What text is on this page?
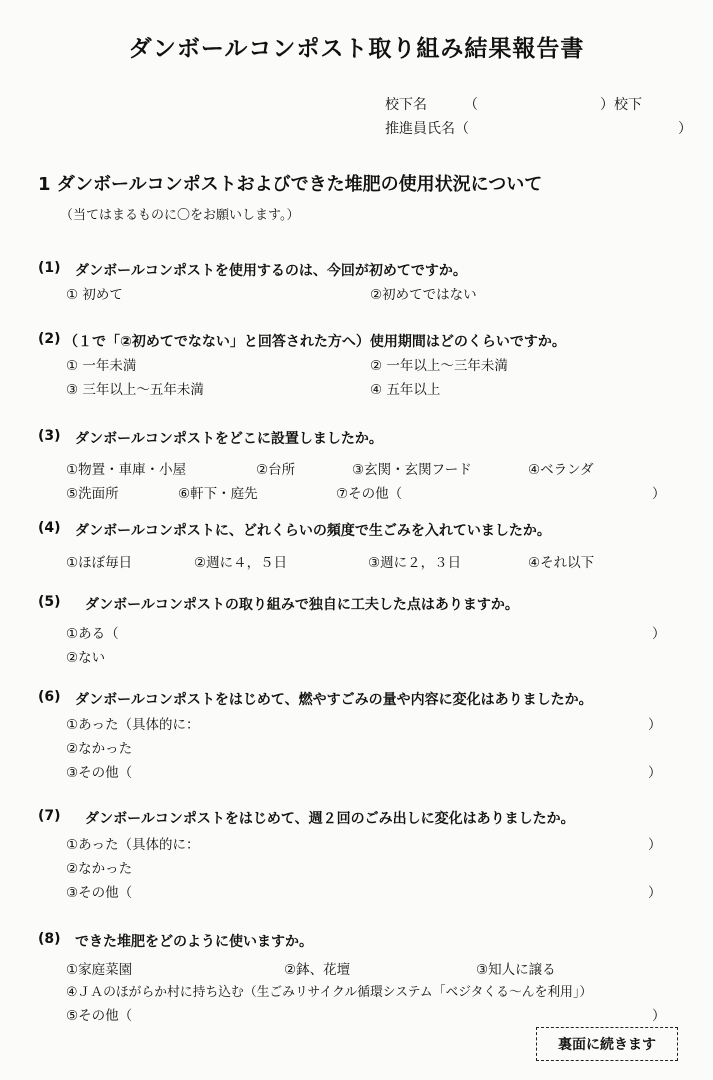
ダンボールコンポスト取り組み結果報告書
校下名	（	）校下
推進員氏名（	）
1 ダンボールコンポストおよびできた堆肥の使用状況について
（当てはまるものに〇をお願いします。）
(1) ダンボールコンポストを使用するのは、今回が初めてですか。
① 初めて	②初めてではない
(2) （１で「②初めてでなない」と回答された方へ）使用期間はどのくらいですか。
① 一年未満	② 一年以上～三年未満
③ 三年以上～五年未満	④ 五年以上
(3) ダンボールコンポストをどこに設置しましたか。
①物置・車庫・小屋	②台所	③玄関・玄関フード	④ベランダ
⑤洗面所	⑥軒下・庭先	⑦その他（	）
(4) ダンボールコンポストに、どれくらいの頻度で生ごみを入れていましたか。
①ほぼ毎日	②週に４，５日	③週に２，３日	④それ以下
(5) ダンボールコンポストの取り組みで独自に工夫した点はありますか。
①ある（	）
②ない
(6) ダンボールコンポストをはじめて、燃やすごみの量や内容に変化はありましたか。
①あった（具体的に：	）
②なかった
③その他（	）
(7) ダンボールコンポストをはじめて、週２回のごみ出しに変化はありましたか。
①あった（具体的に：	）
②なかった
③その他（	）
(8) できた堆肥をどのように使いますか。
①家庭菜園	②鉢、花壇	③知人に譲る
④ＪＡのほがらか村に持ち込む（生ごみリサイクル循環システム「ベジタくる～んを利用」）
⑤その他（	）
裏面に続きます
